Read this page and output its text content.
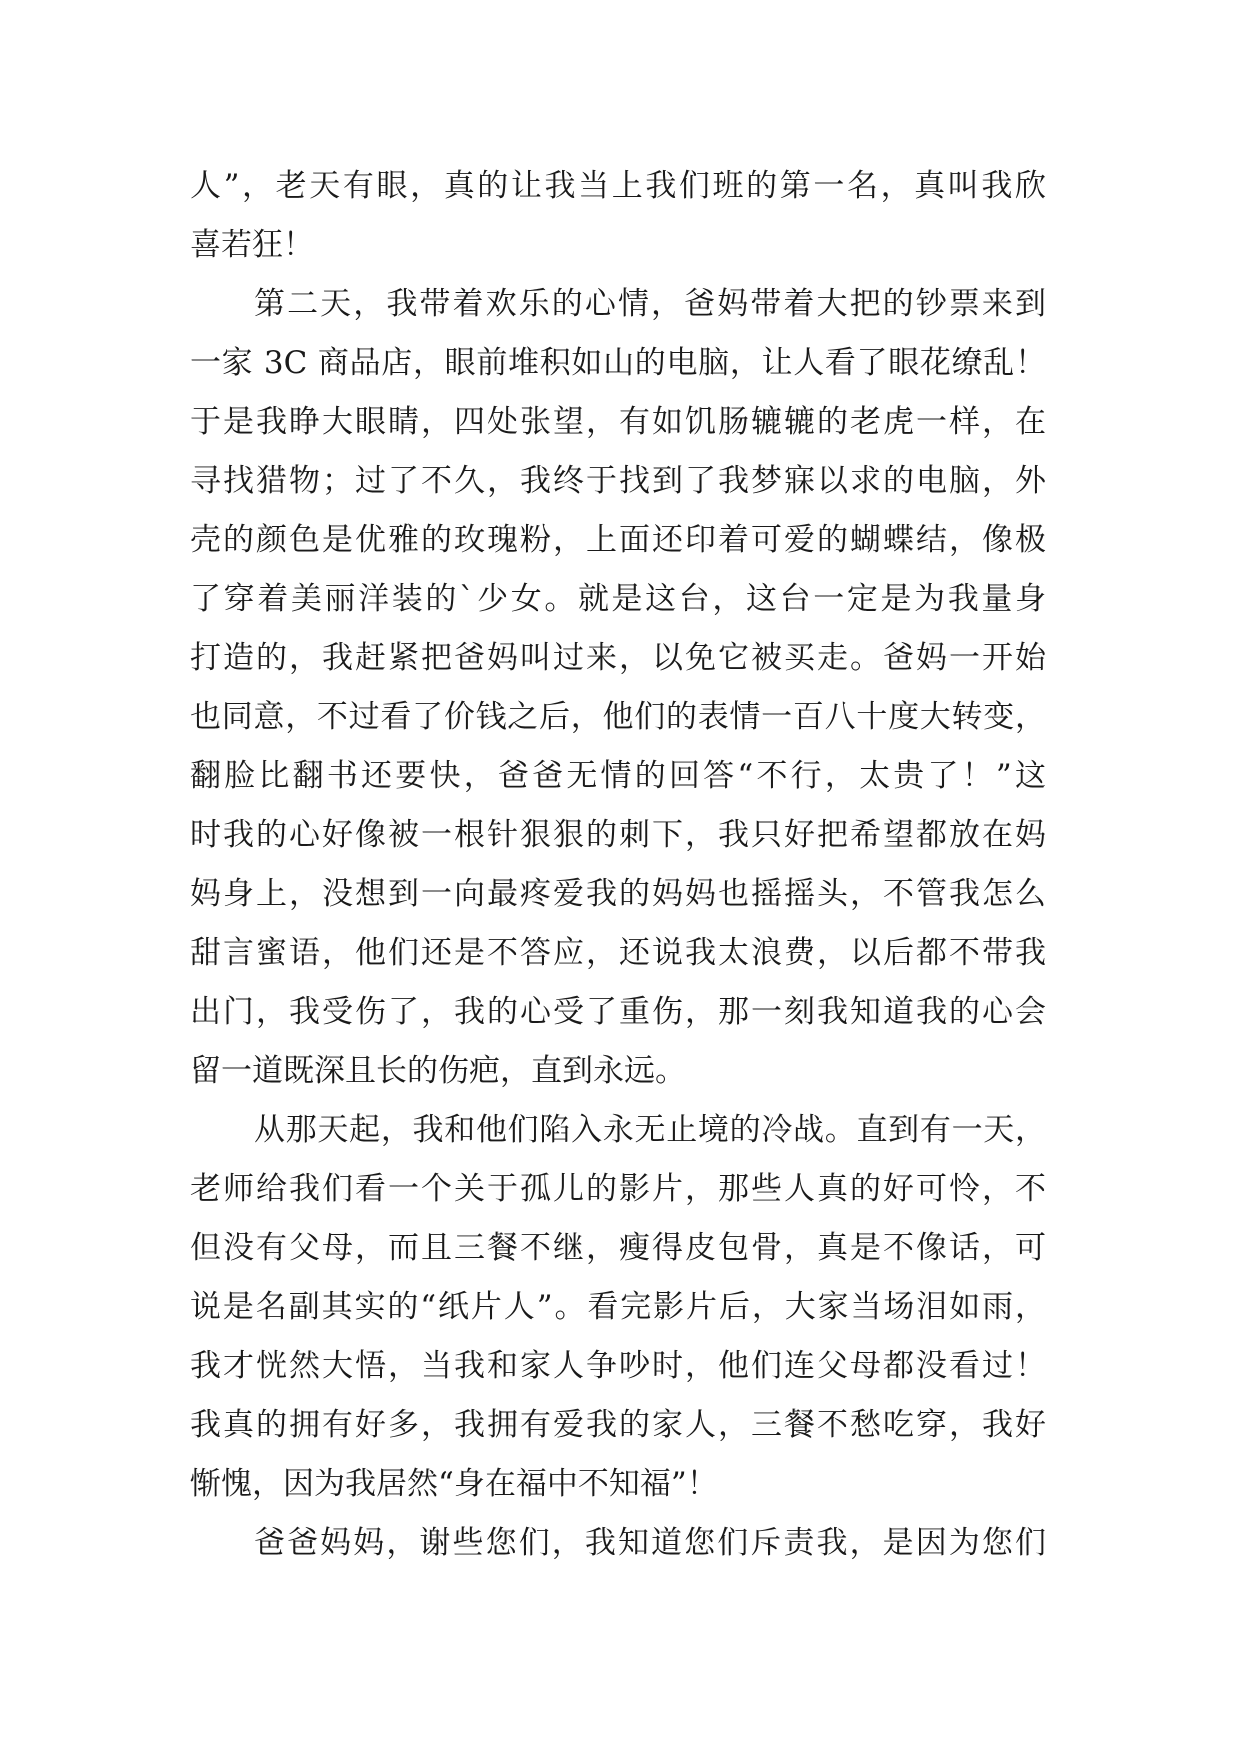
人”，老天有眼，真的让我当上我们班的第一名，真叫我欣
喜若狂！
第二天，我带着欢乐的心情，爸妈带着大把的钞票来到
一家 3C 商品店，眼前堆积如山的电脑，让人看了眼花缭乱！
于是我睁大眼睛，四处张望，有如饥肠辘辘的老虎一样，在
寻找猎物；过了不久，我终于找到了我梦寐以求的电脑，外
壳的颜色是优雅的玫瑰粉，上面还印着可爱的蝴蝶结，像极
了穿着美丽洋装的`少女。就是这台，这台一定是为我量身
打造的，我赶紧把爸妈叫过来，以免它被买走。爸妈一开始
也同意，不过看了价钱之后，他们的表情一百八十度大转变，
翻脸比翻书还要快，爸爸无情的回答“不行，太贵了！”这
时我的心好像被一根针狠狠的刺下，我只好把希望都放在妈
妈身上，没想到一向最疼爱我的妈妈也摇摇头，不管我怎么
甜言蜜语，他们还是不答应，还说我太浪费，以后都不带我
出门，我受伤了，我的心受了重伤，那一刻我知道我的心会
留一道既深且长的伤疤，直到永远。
从那天起，我和他们陷入永无止境的冷战。直到有一天，
老师给我们看一个关于孤儿的影片，那些人真的好可怜，不
但没有父母，而且三餐不继，瘦得皮包骨，真是不像话，可
说是名副其实的“纸片人”。看完影片后，大家当场泪如雨，
我才恍然大悟，当我和家人争吵时，他们连父母都没看过！
我真的拥有好多，我拥有爱我的家人，三餐不愁吃穿，我好
惭愧，因为我居然“身在福中不知福”！
爸爸妈妈，谢些您们，我知道您们斥责我，是因为您们
